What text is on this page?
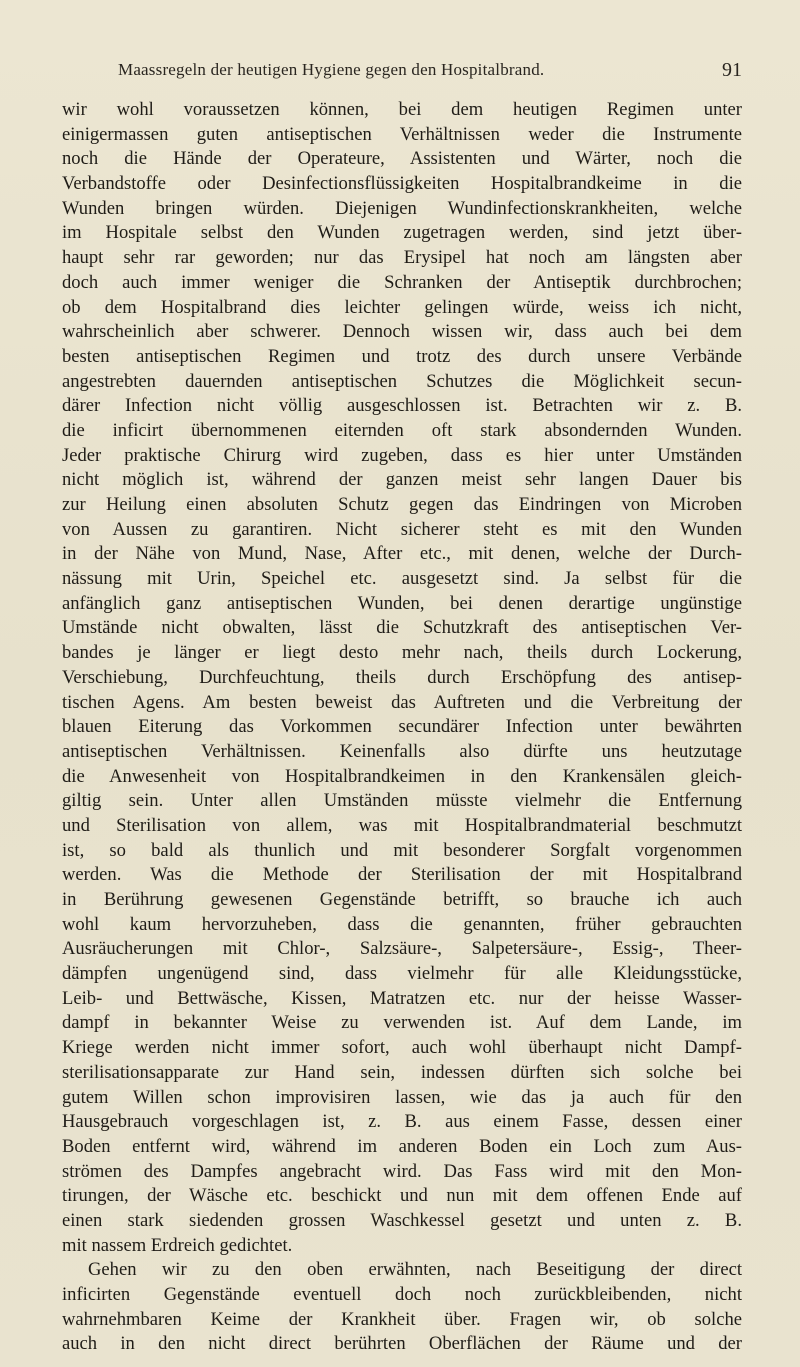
Maassregeln der heutigen Hygiene gegen den Hospitalbrand.	91
wir wohl voraussetzen können, bei dem heutigen Regimen unter
einigermassen guten antiseptischen Verhältnissen weder die Instrumente
noch die Hände der Operateure, Assistenten und Wärter, noch die
Verbandstoffe oder Desinfectionsflüssigkeiten Hospitalbrandkeime in die
Wunden bringen würden. Diejenigen Wundinfectionskrankheiten, welche
im Hospitale selbst den Wunden zugetragen werden, sind jetzt über-
haupt sehr rar geworden; nur das Erysipel hat noch am längsten aber
doch auch immer weniger die Schranken der Antiseptik durchbrochen;
ob dem Hospitalbrand dies leichter gelingen würde, weiss ich nicht,
wahrscheinlich aber schwerer. Dennoch wissen wir, dass auch bei dem
besten antiseptischen Regimen und trotz des durch unsere Verbände
angestrebten dauernden antiseptischen Schutzes die Möglichkeit secun-
därer Infection nicht völlig ausgeschlossen ist. Betrachten wir z. B.
die inficirt übernommenen eiternden oft stark absondernden Wunden.
Jeder praktische Chirurg wird zugeben, dass es hier unter Umständen
nicht möglich ist, während der ganzen meist sehr langen Dauer bis
zur Heilung einen absoluten Schutz gegen das Eindringen von Microben
von Aussen zu garantiren. Nicht sicherer steht es mit den Wunden
in der Nähe von Mund, Nase, After etc., mit denen, welche der Durch-
nässung mit Urin, Speichel etc. ausgesetzt sind. Ja selbst für die
anfänglich ganz antiseptischen Wunden, bei denen derartige ungünstige
Umstände nicht obwalten, lässt die Schutzkraft des antiseptischen Ver-
bandes je länger er liegt desto mehr nach, theils durch Lockerung,
Verschiebung, Durchfeuchtung, theils durch Erschöpfung des antisep-
tischen Agens. Am besten beweist das Auftreten und die Verbreitung der
blauen Eiterung das Vorkommen secundärer Infection unter bewährten
antiseptischen Verhältnissen. Keinenfalls also dürfte uns heutzutage
die Anwesenheit von Hospitalbrandkeimen in den Krankensälen gleich-
giltig sein. Unter allen Umständen müsste vielmehr die Entfernung
und Sterilisation von allem, was mit Hospitalbrandmaterial beschmutzt
ist, so bald als thunlich und mit besonderer Sorgfalt vorgenommen
werden. Was die Methode der Sterilisation der mit Hospitalbrand
in Berührung gewesenen Gegenstände betrifft, so brauche ich auch
wohl kaum hervorzuheben, dass die genannten, früher gebrauchten
Ausräucherungen mit Chlor-, Salzsäure-, Salpetersäure-, Essig-, Theer-
dämpfen ungenügend sind, dass vielmehr für alle Kleidungsstücke,
Leib- und Bettwäsche, Kissen, Matratzen etc. nur der heisse Wasser-
dampf in bekannter Weise zu verwenden ist. Auf dem Lande, im
Kriege werden nicht immer sofort, auch wohl überhaupt nicht Dampf-
sterilisationsapparate zur Hand sein, indessen dürften sich solche bei
gutem Willen schon improvisiren lassen, wie das ja auch für den
Hausgebrauch vorgeschlagen ist, z. B. aus einem Fasse, dessen einer
Boden entfernt wird, während im anderen Boden ein Loch zum Aus-
strömen des Dampfes angebracht wird. Das Fass wird mit den Mon-
tirungen, der Wäsche etc. beschickt und nun mit dem offenen Ende auf
einen stark siedenden grossen Waschkessel gesetzt und unten z. B.
mit nassem Erdreich gedichtet.
Gehen wir zu den oben erwähnten, nach Beseitigung der direct
inficirten Gegenstände eventuell doch noch zurückbleibenden, nicht
wahrnehmbaren Keime der Krankheit über. Fragen wir, ob solche
auch in den nicht direct berührten Oberflächen der Räume und der
